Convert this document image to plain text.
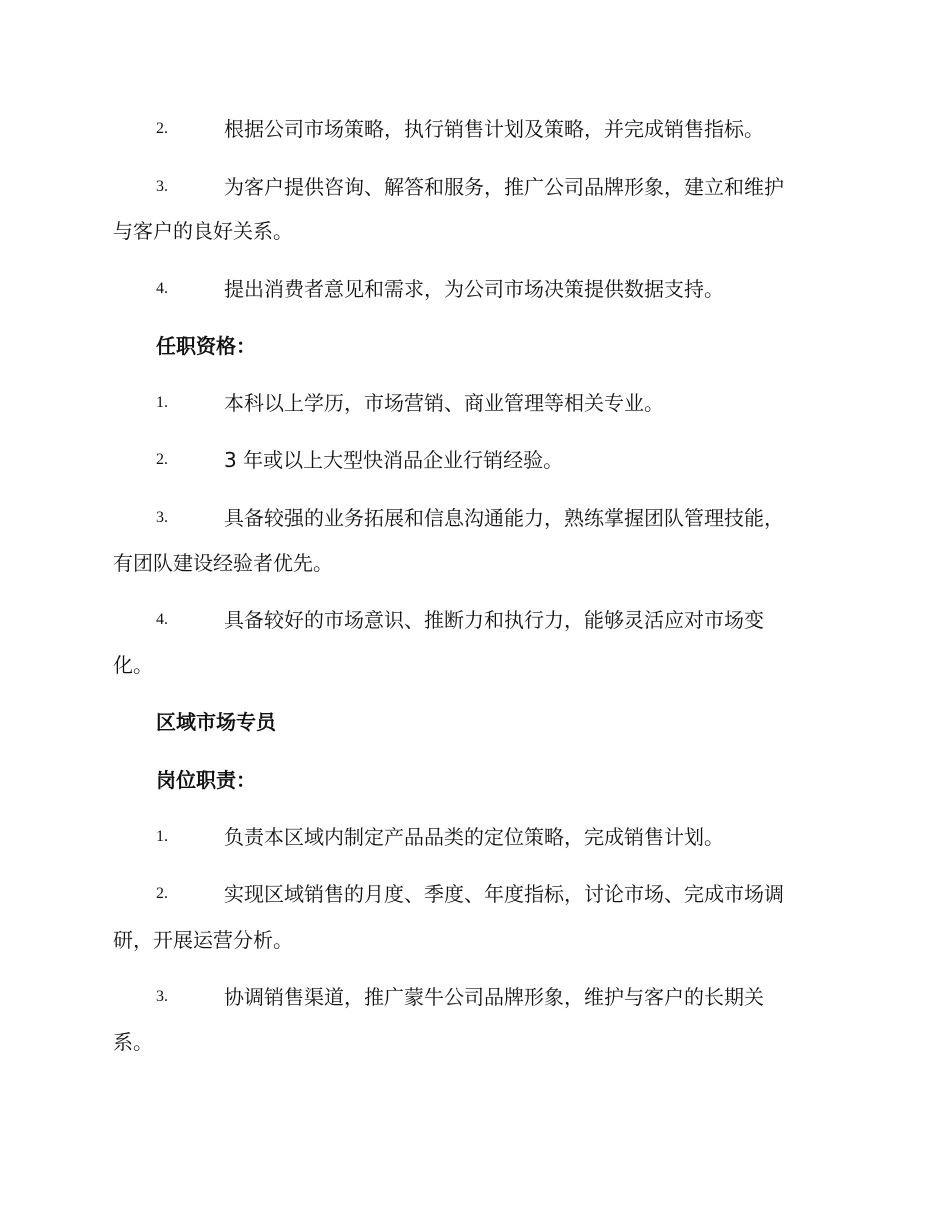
2.	根据公司市场策略，执行销售计划及策略，并完成销售指标。
3.	为客户提供咨询、解答和服务，推广公司品牌形象，建立和维护
与客户的良好关系。
4.	提出消费者意见和需求，为公司市场决策提供数据支持。
任职资格：
1.	本科以上学历，市场营销、商业管理等相关专业。
2.	3 年或以上大型快消品企业行销经验。
3.	具备较强的业务拓展和信息沟通能力，熟练掌握团队管理技能，
有团队建设经验者优先。
4.	具备较好的市场意识、推断力和执行力，能够灵活应对市场变
化。
区域市场专员
岗位职责：
1.	负责本区域内制定产品品类的定位策略，完成销售计划。
2.	实现区域销售的月度、季度、年度指标，讨论市场、完成市场调
研，开展运营分析。
3.	协调销售渠道，推广蒙牛公司品牌形象，维护与客户的长期关
系。
